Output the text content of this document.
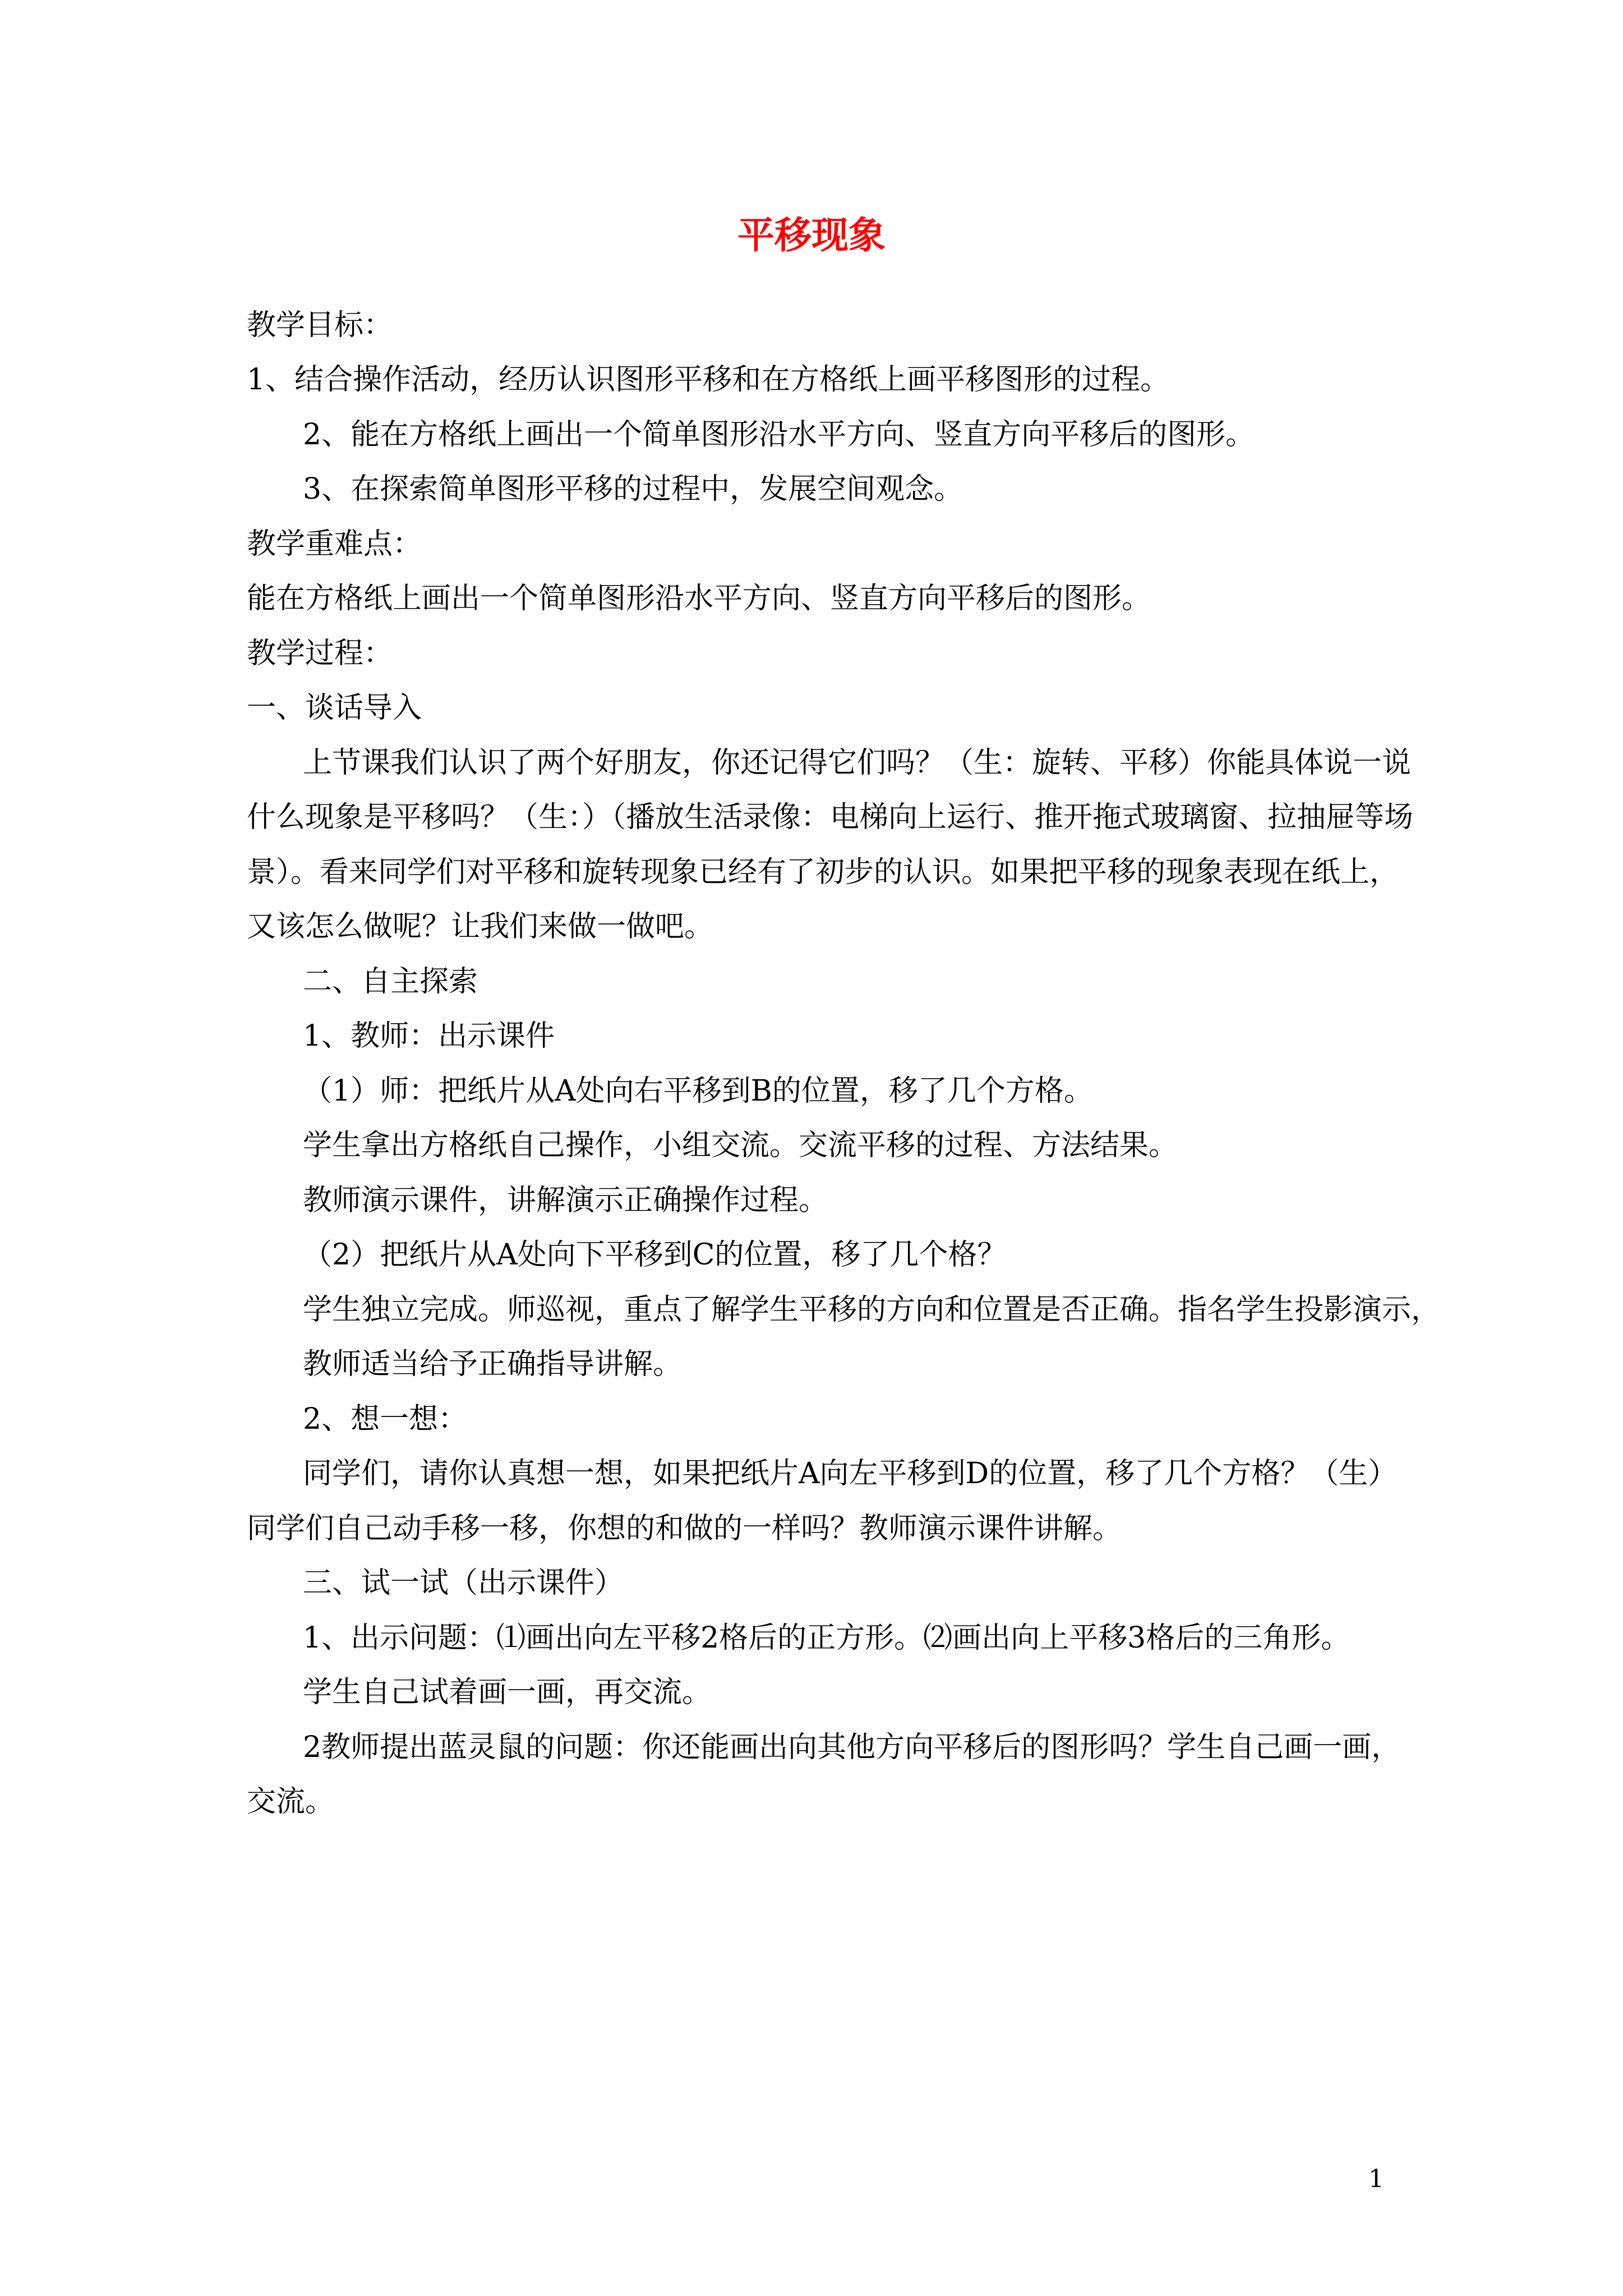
平移现象
教学目标：
1、结合操作活动，经历认识图形平移和在方格纸上画平移图形的过程。
2、能在方格纸上画出一个简单图形沿水平方向、竖直方向平移后的图形。
3、在探索简单图形平移的过程中，发展空间观念。
教学重难点：
能在方格纸上画出一个简单图形沿水平方向、竖直方向平移后的图形。
教学过程：
一、谈话导入
上节课我们认识了两个好朋友，你还记得它们吗？（生：旋转、平移）你能具体说一说
什么现象是平移吗？（生：）（播放生活录像：电梯向上运行、推开拖式玻璃窗、拉抽屉等场
景）。看来同学们对平移和旋转现象已经有了初步的认识。如果把平移的现象表现在纸上，
又该怎么做呢？让我们来做一做吧。
二、自主探索
1、教师：出示课件
（1）师：把纸片从A处向右平移到B的位置，移了几个方格。
学生拿出方格纸自己操作，小组交流。交流平移的过程、方法结果。
教师演示课件，讲解演示正确操作过程。
（2）把纸片从A处向下平移到C的位置，移了几个格？
学生独立完成。师巡视，重点了解学生平移的方向和位置是否正确。指名学生投影演示，
教师适当给予正确指导讲解。
2、想一想：
同学们，请你认真想一想，如果把纸片A向左平移到D的位置，移了几个方格？（生）
同学们自己动手移一移，你想的和做的一样吗？教师演示课件讲解。
三、试一试（出示课件）
1、出示问题：⑴画出向左平移2格后的正方形。⑵画出向上平移3格后的三角形。
学生自己试着画一画，再交流。
2教师提出蓝灵鼠的问题：你还能画出向其他方向平移后的图形吗？学生自己画一画，
交流。
1
